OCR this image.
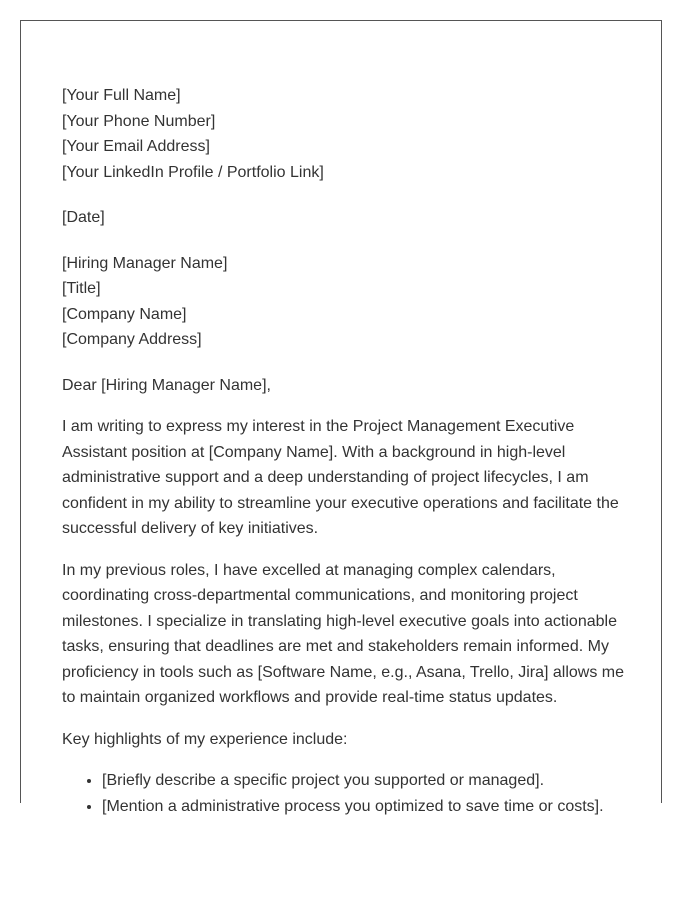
[Your Full Name]
[Your Phone Number]
[Your Email Address]
[Your LinkedIn Profile / Portfolio Link]
[Date]
[Hiring Manager Name]
[Title]
[Company Name]
[Company Address]

Dear [Hiring Manager Name],

I am writing to express my interest in the Project Management Executive Assistant position at [Company Name]. With a background in high-level administrative support and a deep understanding of project lifecycles, I am confident in my ability to streamline your executive operations and facilitate the successful delivery of key initiatives.

In my previous roles, I have excelled at managing complex calendars, coordinating cross-departmental communications, and monitoring project milestones. I specialize in translating high-level executive goals into actionable tasks, ensuring that deadlines are met and stakeholders remain informed. My proficiency in tools such as [Software Name, e.g., Asana, Trello, Jira] allows me to maintain organized workflows and provide real-time status updates.

Key highlights of my experience include:

• [Briefly describe a specific project you supported or managed].
• [Mention a administrative process you optimized to save time or costs].
